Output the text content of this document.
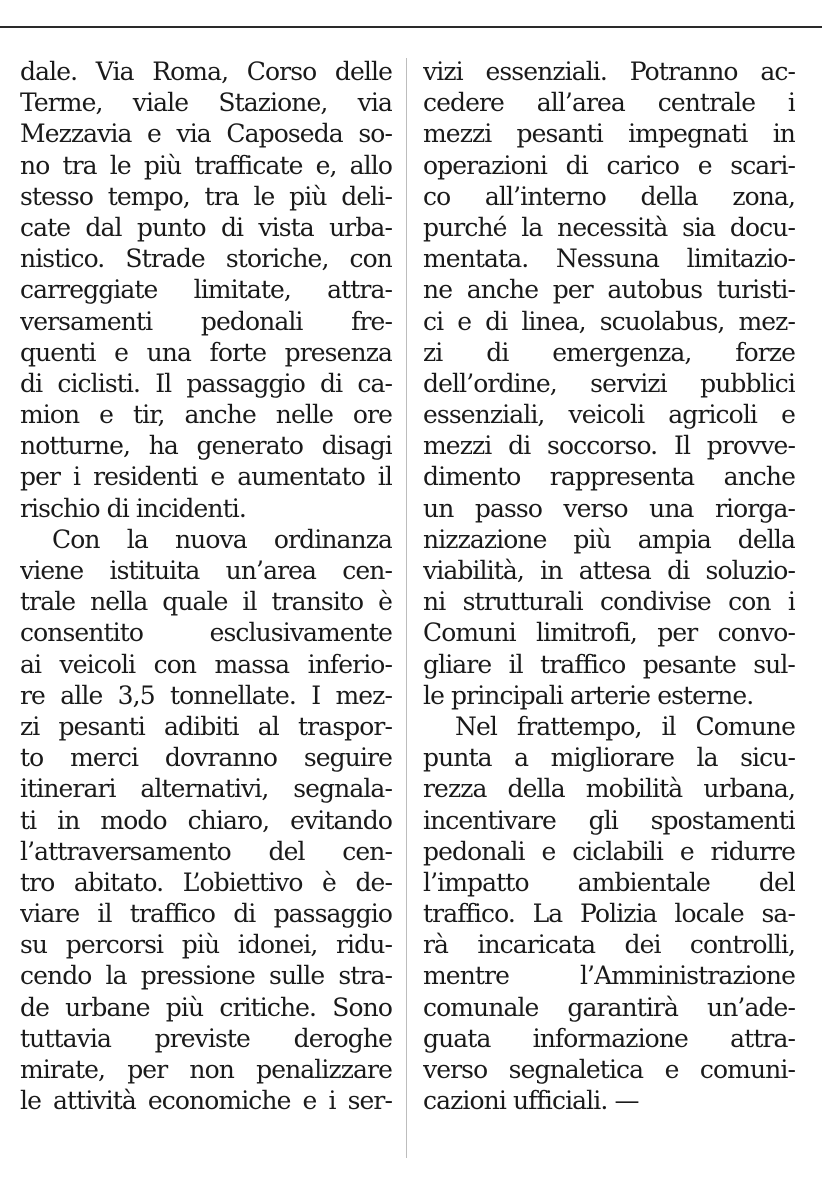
dale. Via Roma, Corso delle
Terme, viale Stazione, via
Mezzavia e via Caposeda so-
no tra le più trafficate e, allo
stesso tempo, tra le più deli-
cate dal punto di vista urba-
nistico. Strade storiche, con
carreggiate limitate, attra-
versamenti pedonali fre-
quenti e una forte presenza
di ciclisti. Il passaggio di ca-
mion e tir, anche nelle ore
notturne, ha generato disagi
per i residenti e aumentato il
rischio di incidenti.
Con la nuova ordinanza
viene istituita un’area cen-
trale nella quale il transito è
consentito esclusivamente
ai veicoli con massa inferio-
re alle 3,5 tonnellate. I mez-
zi pesanti adibiti al traspor-
to merci dovranno seguire
itinerari alternativi, segnala-
ti in modo chiaro, evitando
l’attraversamento del cen-
tro abitato. L’obiettivo è de-
viare il traffico di passaggio
su percorsi più idonei, ridu-
cendo la pressione sulle stra-
de urbane più critiche. Sono
tuttavia previste deroghe
mirate, per non penalizzare
le attività economiche e i ser-
vizi essenziali. Potranno ac-
cedere all’area centrale i
mezzi pesanti impegnati in
operazioni di carico e scari-
co all’interno della zona,
purché la necessità sia docu-
mentata. Nessuna limitazio-
ne anche per autobus turisti-
ci e di linea, scuolabus, mez-
zi di emergenza, forze
dell’ordine, servizi pubblici
essenziali, veicoli agricoli e
mezzi di soccorso. Il provve-
dimento rappresenta anche
un passo verso una riorga-
nizzazione più ampia della
viabilità, in attesa di soluzio-
ni strutturali condivise con i
Comuni limitrofi, per convo-
gliare il traffico pesante sul-
le principali arterie esterne.
Nel frattempo, il Comune
punta a migliorare la sicu-
rezza della mobilità urbana,
incentivare gli spostamenti
pedonali e ciclabili e ridurre
l’impatto ambientale del
traffico. La Polizia locale sa-
rà incaricata dei controlli,
mentre l’Amministrazione
comunale garantirà un’ade-
guata informazione attra-
verso segnaletica e comuni-
cazioni ufficiali. —
